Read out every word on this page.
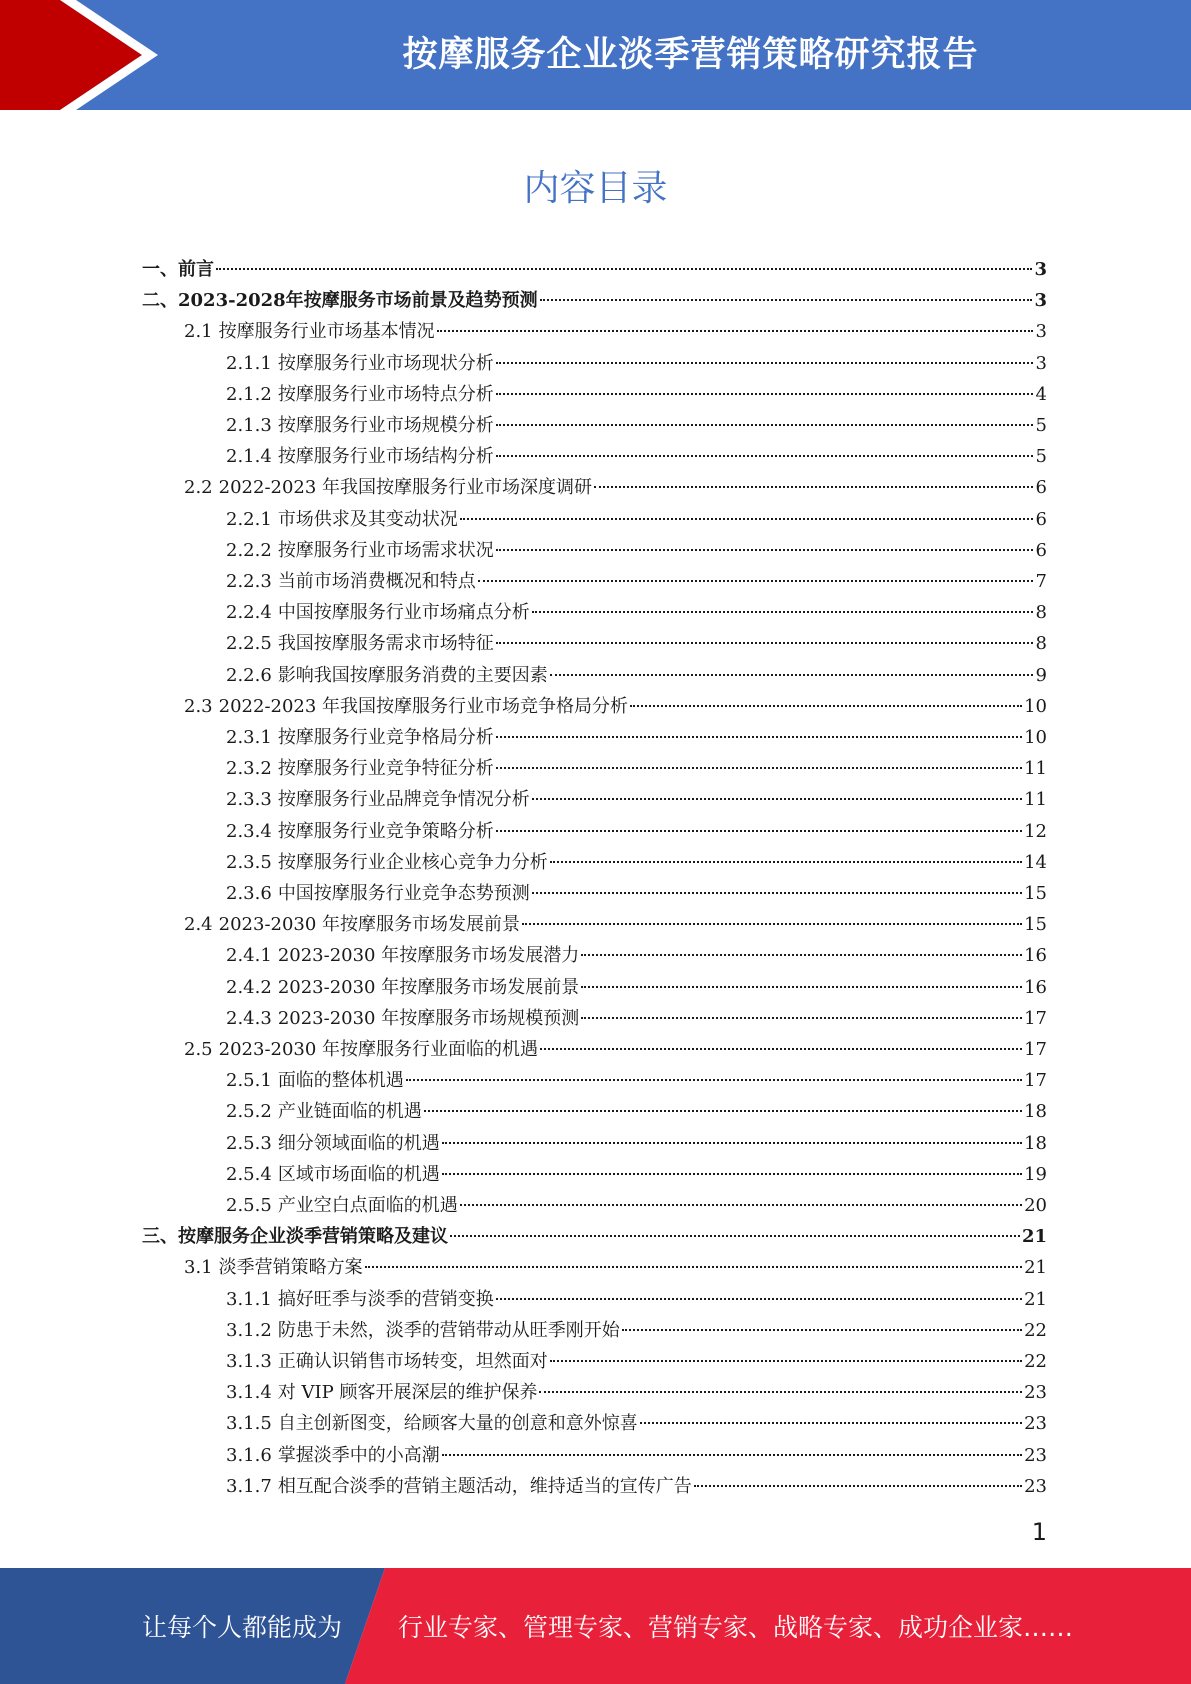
按摩服务企业淡季营销策略研究报告
内容目录
一、 前言	3
二、 2023-2028年按摩服务市场前景及趋势预测	3
2.1 按摩服务行业市场基本情况	3
2.1.1 按摩服务行业市场现状分析	3
2.1.2 按摩服务行业市场特点分析	4
2.1.3 按摩服务行业市场规模分析	5
2.1.4 按摩服务行业市场结构分析	5
2.2 2022-2023 年我国按摩服务行业市场深度调研	6
2.2.1 市场供求及其变动状况	6
2.2.2 按摩服务行业市场需求状况	6
2.2.3 当前市场消费概况和特点	7
2.2.4 中国按摩服务行业市场痛点分析	8
2.2.5 我国按摩服务需求市场特征	8
2.2.6 影响我国按摩服务消费的主要因素	9
2.3 2022-2023 年我国按摩服务行业市场竞争格局分析	10
2.3.1 按摩服务行业竞争格局分析	10
2.3.2 按摩服务行业竞争特征分析	11
2.3.3 按摩服务行业品牌竞争情况分析	11
2.3.4 按摩服务行业竞争策略分析	12
2.3.5 按摩服务行业企业核心竞争力分析	14
2.3.6 中国按摩服务行业竞争态势预测	15
2.4 2023-2030 年按摩服务市场发展前景	15
2.4.1 2023-2030 年按摩服务市场发展潜力	16
2.4.2 2023-2030 年按摩服务市场发展前景	16
2.4.3 2023-2030 年按摩服务市场规模预测	17
2.5 2023-2030 年按摩服务行业面临的机遇	17
2.5.1 面临的整体机遇	17
2.5.2 产业链面临的机遇	18
2.5.3 细分领域面临的机遇	18
2.5.4 区域市场面临的机遇	19
2.5.5 产业空白点面临的机遇	20
三、 按摩服务企业淡季营销策略及建议	21
3.1 淡季营销策略方案	21
3.1.1 搞好旺季与淡季的营销变换	21
3.1.2 防患于未然，淡季的营销带动从旺季刚开始	22
3.1.3 正确认识销售市场转变，坦然面对	22
3.1.4 对 VIP 顾客开展深层的维护保养	23
3.1.5 自主创新图变，给顾客大量的创意和意外惊喜	23
3.1.6 掌握淡季中的小高潮	23
3.1.7 相互配合淡季的营销主题活动，维持适当的宣传广告	23
1
让每个人都能成为 行业专家、管理专家、营销专家、战略专家、成功企业家……
